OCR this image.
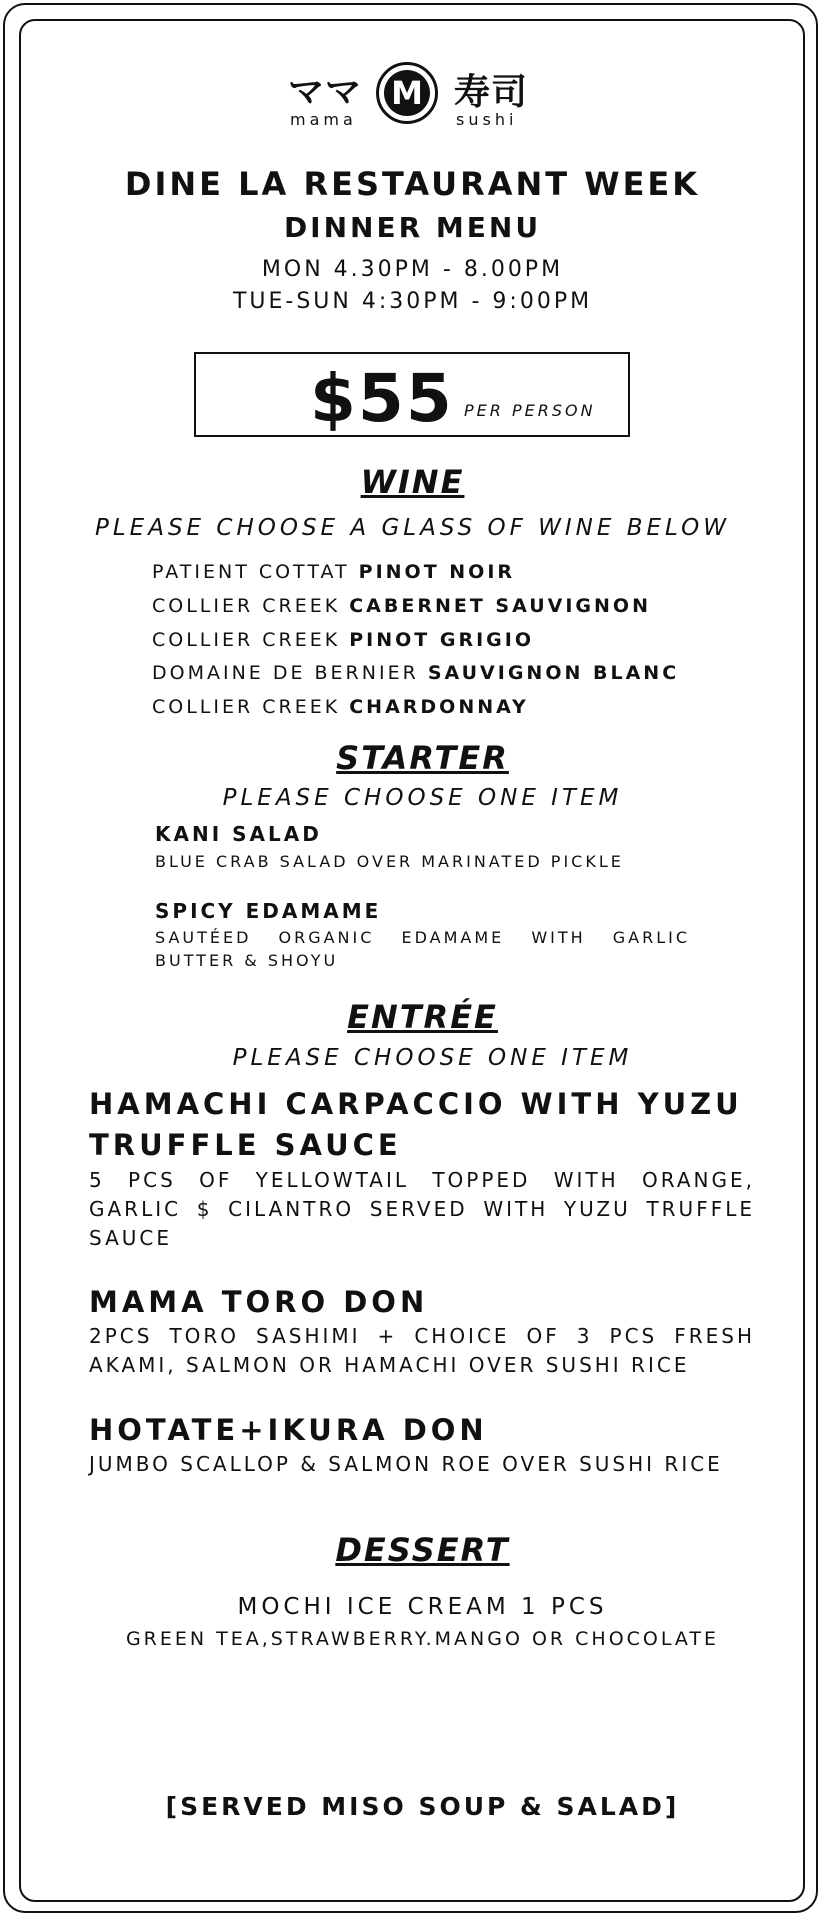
ママ M 寿司
mama	sushi
DINE LA RESTAURANT WEEK
DINNER MENU
MON 4.30PM - 8.00PM
TUE-SUN 4:30PM - 9:00PM
$55 PER PERSON
WINE
PLEASE CHOOSE A GLASS OF WINE BELOW
PATIENT COTTAT PINOT NOIR
COLLIER CREEK CABERNET SAUVIGNON
COLLIER CREEK PINOT GRIGIO
DOMAINE DE BERNIER SAUVIGNON BLANC
COLLIER CREEK CHARDONNAY
STARTER
PLEASE CHOOSE ONE ITEM
KANI SALAD
BLUE CRAB SALAD OVER MARINATED PICKLE
SPICY EDAMAME
SAUTÉED ORGANIC EDAMAME WITH GARLIC BUTTER & SHOYU
ENTRÉE
PLEASE CHOOSE ONE ITEM
HAMACHI CARPACCIO WITH YUZU TRUFFLE SAUCE
5 PCS OF YELLOWTAIL TOPPED WITH ORANGE, GARLIC $ CILANTRO SERVED WITH YUZU TRUFFLE SAUCE
MAMA TORO DON
2PCS TORO SASHIMI + CHOICE OF 3 PCS FRESH AKAMI, SALMON OR HAMACHI OVER SUSHI RICE
HOTATE+IKURA DON
JUMBO SCALLOP & SALMON ROE OVER SUSHI RICE
DESSERT
MOCHI ICE CREAM 1 PCS
GREEN TEA,STRAWBERRY.MANGO OR CHOCOLATE
[SERVED MISO SOUP & SALAD]
